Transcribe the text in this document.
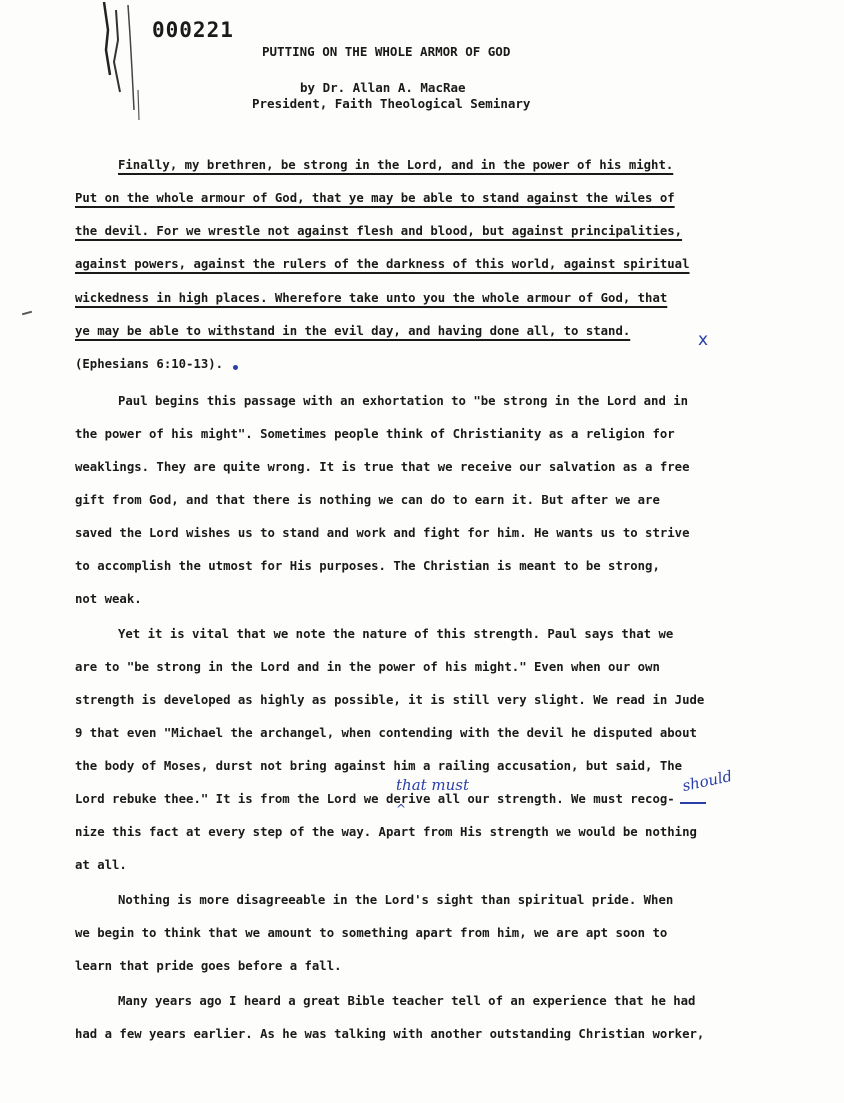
000221
PUTTING ON THE WHOLE ARMOR OF GOD
by Dr. Allan A. MacRae
President, Faith Theological Seminary
Finally, my brethren, be strong in the Lord, and in the power of his might.
Put on the whole armour of God, that ye may be able to stand against the wiles of
the devil. For we wrestle not against flesh and blood, but against principalities,
against powers, against the rulers of the darkness of this world, against spiritual
wickedness in high places. Wherefore take unto you the whole armour of God, that
ye may be able to withstand in the evil day, and having done all, to stand.
(Ephesians 6:10-13).
Paul begins this passage with an exhortation to "be strong in the Lord and in
the power of his might". Sometimes people think of Christianity as a religion for
weaklings. They are quite wrong. It is true that we receive our salvation as a free
gift from God, and that there is nothing we can do to earn it. But after we are
saved the Lord wishes us to stand and work and fight for him. He wants us to strive
to accomplish the utmost for His purposes. The Christian is meant to be strong,
not weak.
Yet it is vital that we note the nature of this strength. Paul says that we
are to "be strong in the Lord and in the power of his might." Even when our own
strength is developed as highly as possible, it is still very slight. We read in Jude
9 that even "Michael the archangel, when contending with the devil he disputed about
the body of Moses, durst not bring against him a railing accusation, but said, The
Lord rebuke thee." It is from the Lord we derive all our strength. We must recog-
nize this fact at every step of the way. Apart from His strength we would be nothing
at all.
Nothing is more disagreeable in the Lord's sight than spiritual pride. When
we begin to think that we amount to something apart from him, we are apt soon to
learn that pride goes before a fall.
Many years ago I heard a great Bible teacher tell of an experience that he had
had a few years earlier. As he was talking with another outstanding Christian worker,
x
that must
^
should
